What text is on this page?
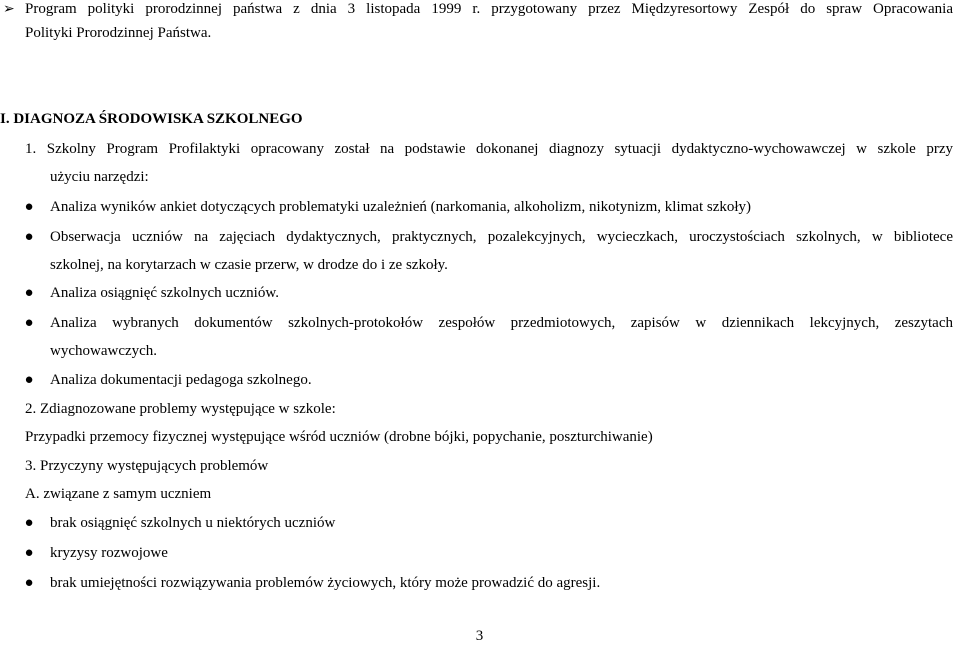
➢ Program polityki prorodzinnej państwa z dnia 3 listopada 1999 r. przygotowany przez Międzyresortowy Zespół do spraw Opracowania
Polityki Prorodzinnej Państwa.
I. DIAGNOZA ŚRODOWISKA SZKOLNEGO
1. Szkolny Program Profilaktyki opracowany został na podstawie dokonanej diagnozy sytuacji dydaktyczno-wychowawczej w szkole przy
użyciu narzędzi:
● Analiza wyników ankiet dotyczących problematyki uzależnień (narkomania, alkoholizm, nikotynizm, klimat szkoły)
● Obserwacja uczniów na zajęciach dydaktycznych, praktycznych, pozalekcyjnych, wycieczkach, uroczystościach szkolnych, w bibliotece
szkolnej, na korytarzach w czasie przerw, w drodze do i ze szkoły.
● Analiza osiągnięć szkolnych uczniów.
● Analiza wybranych dokumentów szkolnych-protokołów zespołów przedmiotowych, zapisów w dziennikach lekcyjnych, zeszytach
wychowawczych.
● Analiza dokumentacji pedagoga szkolnego.
2. Zdiagnozowane problemy występujące w szkole:
Przypadki przemocy fizycznej występujące wśród uczniów (drobne bójki, popychanie, poszturchiwanie)
3. Przyczyny występujących problemów
A. związane z samym uczniem
● brak osiągnięć szkolnych u niektórych uczniów
● kryzysy rozwojowe
● brak umiejętności rozwiązywania problemów życiowych, który może prowadzić do agresji.
3
